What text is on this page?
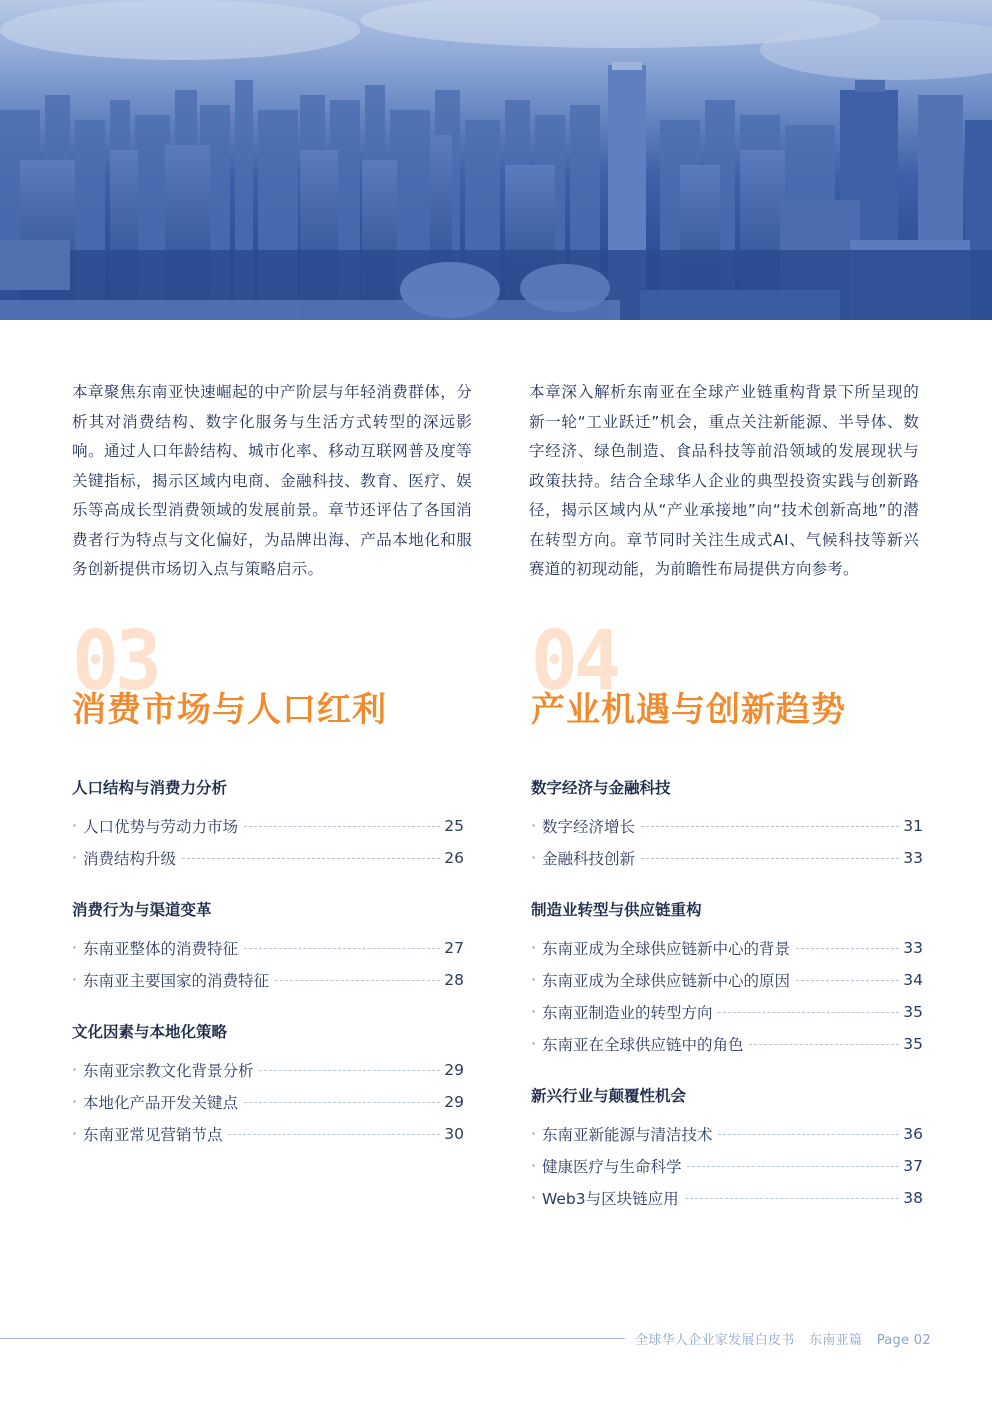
本章聚焦东南亚快速崛起的中产阶层与年轻消费群体，分析其对消费结构、数字化服务与生活方式转型的深远影响。通过人口年龄结构、城市化率、移动互联网普及度等关键指标，揭示区域内电商、金融科技、教育、医疗、娱乐等高成长型消费领域的发展前景。章节还评估了各国消费者行为特点与文化偏好，为品牌出海、产品本地化和服务创新提供市场切入点与策略启示。

本章深入解析东南亚在全球产业链重构背景下所呈现的新一轮“工业跃迁”机会，重点关注新能源、半导体、数字经济、绿色制造、食品科技等前沿领域的发展现状与政策扶持。结合全球华人企业的典型投资实践与创新路径，揭示区域内从“产业承接地”向“技术创新高地”的潜在转型方向。章节同时关注生成式AI、气候科技等新兴赛道的初现动能，为前瞻性布局提供方向参考。

03
消费市场与人口红利
04
产业机遇与创新趋势
人口结构与消费力分析
· 人口优势与劳动力市场	25
· 消费结构升级	26
消费行为与渠道变革
· 东南亚整体的消费特征	27
· 东南亚主要国家的消费特征	28
文化因素与本地化策略
· 东南亚宗教文化背景分析	29
· 本地化产品开发关键点	29
· 东南亚常见营销节点	30
数字经济与金融科技
· 数字经济增长	31
· 金融科技创新	33
制造业转型与供应链重构
· 东南亚成为全球供应链新中心的背景	33
· 东南亚成为全球供应链新中心的原因	34
· 东南亚制造业的转型方向	35
· 东南亚在全球供应链中的角色	35
新兴行业与颠覆性机会
· 东南亚新能源与清洁技术	36
· 健康医疗与生命科学	37
· Web3与区块链应用	38
全球华人企业家发展白皮书 东南亚篇 Page 02
